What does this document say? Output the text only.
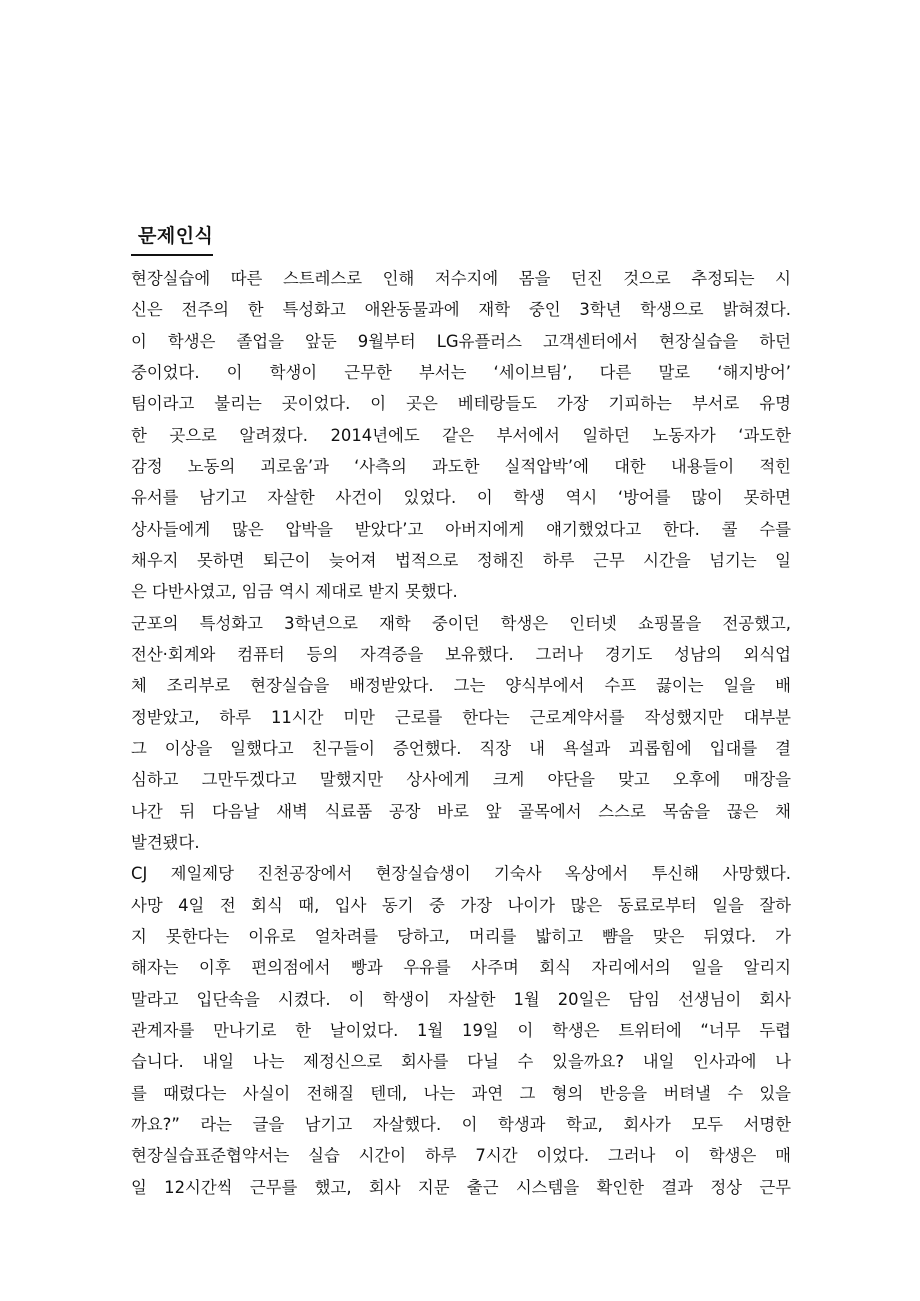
문제인식
현장실습에 따른 스트레스로 인해 저수지에 몸을 던진 것으로 추정되는 시
신은 전주의 한 특성화고 애완동물과에 재학 중인 3학년 학생으로 밝혀졌다.
이 학생은 졸업을 앞둔 9월부터 LG유플러스 고객센터에서 현장실습을 하던
중이었다. 이 학생이 근무한 부서는 ‘세이브팀’, 다른 말로 ‘해지방어’
팀이라고 불리는 곳이었다. 이 곳은 베테랑들도 가장 기피하는 부서로 유명
한 곳으로 알려졌다. 2014년에도 같은 부서에서 일하던 노동자가 ‘과도한
감정 노동의 괴로움’과 ‘사측의 과도한 실적압박’에 대한 내용들이 적힌
유서를 남기고 자살한 사건이 있었다. 이 학생 역시 ‘방어를 많이 못하면
상사들에게 많은 압박을 받았다’고 아버지에게 얘기했었다고 한다. 콜 수를
채우지 못하면 퇴근이 늦어져 법적으로 정해진 하루 근무 시간을 넘기는 일
은 다반사였고, 임금 역시 제대로 받지 못했다.
군포의 특성화고 3학년으로 재학 중이던 학생은 인터넷 쇼핑몰을 전공했고,
전산·회계와 컴퓨터 등의 자격증을 보유했다. 그러나 경기도 성남의 외식업
체 조리부로 현장실습을 배정받았다. 그는 양식부에서 수프 끓이는 일을 배
정받았고, 하루 11시간 미만 근로를 한다는 근로계약서를 작성했지만 대부분
그 이상을 일했다고 친구들이 증언했다. 직장 내 욕설과 괴롭힘에 입대를 결
심하고 그만두겠다고 말했지만 상사에게 크게 야단을 맞고 오후에 매장을
나간 뒤 다음날 새벽 식료품 공장 바로 앞 골목에서 스스로 목숨을 끊은 채
발견됐다.
CJ 제일제당 진천공장에서 현장실습생이 기숙사 옥상에서 투신해 사망했다.
사망 4일 전 회식 때, 입사 동기 중 가장 나이가 많은 동료로부터 일을 잘하
지 못한다는 이유로 얼차려를 당하고, 머리를 밟히고 뺨을 맞은 뒤였다. 가
해자는 이후 편의점에서 빵과 우유를 사주며 회식 자리에서의 일을 알리지
말라고 입단속을 시켰다. 이 학생이 자살한 1월 20일은 담임 선생님이 회사
관계자를 만나기로 한 날이었다. 1월 19일 이 학생은 트위터에 “너무 두렵
습니다. 내일 나는 제정신으로 회사를 다닐 수 있을까요? 내일 인사과에 나
를 때렸다는 사실이 전해질 텐데, 나는 과연 그 형의 반응을 버텨낼 수 있을
까요?” 라는 글을 남기고 자살했다. 이 학생과 학교, 회사가 모두 서명한
현장실습표준협약서는 실습 시간이 하루 7시간 이었다. 그러나 이 학생은 매
일 12시간씩 근무를 했고, 회사 지문 출근 시스템을 확인한 결과 정상 근무
